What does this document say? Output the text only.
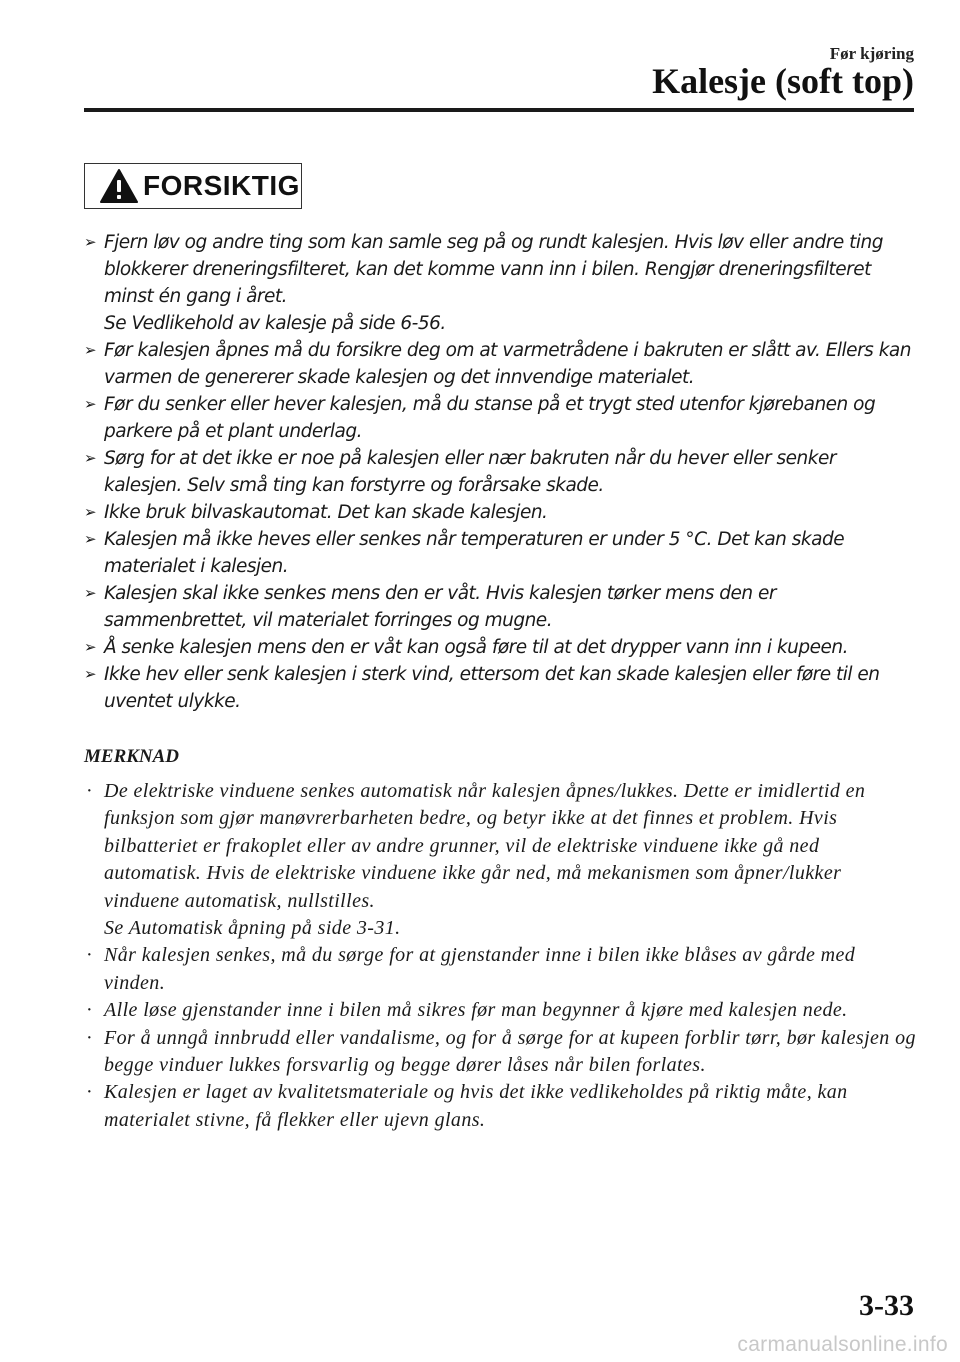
Før kjøring
Kalesje (soft top)
FORSIKTIG
➢ Fjern løv og andre ting som kan samle seg på og rundt kalesjen. Hvis løv eller andre ting blokkerer dreneringsfilteret, kan det komme vann inn i bilen. Rengjør dreneringsfilteret minst én gang i året.
Se Vedlikehold av kalesje på side 6-56.
➢ Før kalesjen åpnes må du forsikre deg om at varmetrådene i bakruten er slått av. Ellers kan varmen de genererer skade kalesjen og det innvendige materialet.
➢ Før du senker eller hever kalesjen, må du stanse på et trygt sted utenfor kjørebanen og parkere på et plant underlag.
➢ Sørg for at det ikke er noe på kalesjen eller nær bakruten når du hever eller senker kalesjen. Selv små ting kan forstyrre og forårsake skade.
➢ Ikke bruk bilvaskautomat. Det kan skade kalesjen.
➢ Kalesjen må ikke heves eller senkes når temperaturen er under 5 °C. Det kan skade materialet i kalesjen.
➢ Kalesjen skal ikke senkes mens den er våt. Hvis kalesjen tørker mens den er sammenbrettet, vil materialet forringes og mugne.
➢ Å senke kalesjen mens den er våt kan også føre til at det drypper vann inn i kupeen.
➢ Ikke hev eller senk kalesjen i sterk vind, ettersom det kan skade kalesjen eller føre til en uventet ulykke.
MERKNAD
· De elektriske vinduene senkes automatisk når kalesjen åpnes/lukkes. Dette er imidlertid en funksjon som gjør manøvrerbarheten bedre, og betyr ikke at det finnes et problem. Hvis bilbatteriet er frakoplet eller av andre grunner, vil de elektriske vinduene ikke gå ned automatisk. Hvis de elektriske vinduene ikke går ned, må mekanismen som åpner/lukker vinduene automatisk, nullstilles.
Se Automatisk åpning på side 3-31.
· Når kalesjen senkes, må du sørge for at gjenstander inne i bilen ikke blåses av gårde med vinden.
· Alle løse gjenstander inne i bilen må sikres før man begynner å kjøre med kalesjen nede.
· For å unngå innbrudd eller vandalisme, og for å sørge for at kupeen forblir tørr, bør kalesjen og begge vinduer lukkes forsvarlig og begge dører låses når bilen forlates.
· Kalesjen er laget av kvalitetsmateriale og hvis det ikke vedlikeholdes på riktig måte, kan materialet stivne, få flekker eller ujevn glans.
3-33
carmanualsonline.info
